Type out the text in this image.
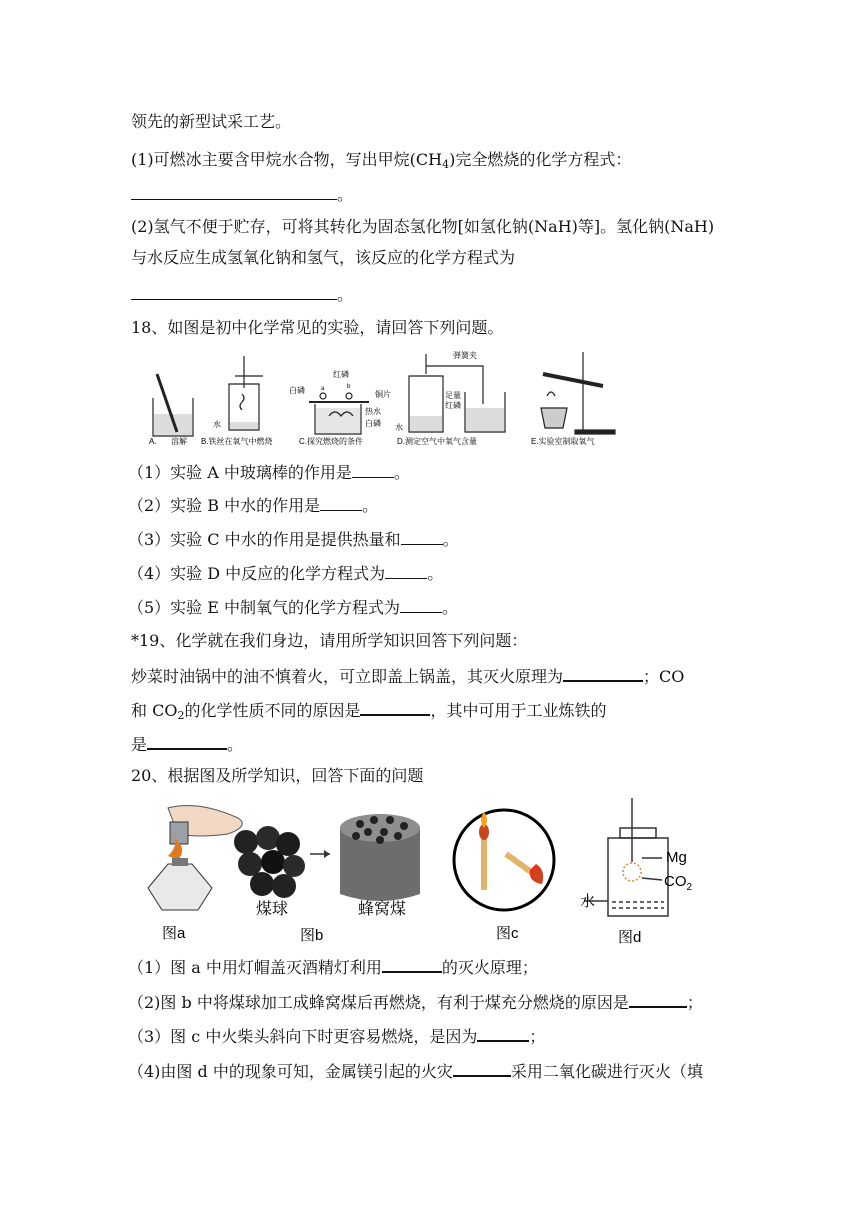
领先的新型试采工艺。
(1)可燃冰主要含甲烷水合物，写出甲烷$(CH_4)$完全燃烧的化学方程式：
。
(2)氢气不便于贮存，可将其转化为固态氢化物[如氢化钠(NaH)等]。氢化钠(NaH)
与水反应生成氢氧化钠和氢气，该反应的化学方程式为
。
18、如图是初中化学常见的实验，请回答下列问题。
A. 溶解
水
B.铁丝在氧气中燃烧
白磷
红磷
a	b
铜片
热水
白磷
C.探究燃烧的条件
弹簧夹
足量
红磷
水
D.测定空气中氧气含量	E.实验室制取氧气
（1）实验 A 中玻璃棒的作用是	。
（2）实验 B 中水的作用是	。
（3）实验 C 中水的作用是提供热量和	。
（4）实验 D 中反应的化学方程式为	。
（5）实验 E 中制氧气的化学方程式为	。
*19、化学就在我们身边，请用所学知识回答下列问题：
炒菜时油锅中的油不慎着火，可立即盖上锅盖，其灭火原理为	；CO
和 $CO_2$的化学性质不同的原因是	，其中可用于工业炼铁的
是	。
20、根据图及所学知识，回答下面的问题
煤球	蜂窝煤
Mg
$CO_2$
水
图a	图b	图c	图d
（1）图 a 中用灯帽盖灭酒精灯利用	的灭火原理；
（2)图 b 中将煤球加工成蜂窝煤后再燃烧，有利于煤充分燃烧的原因是	；
（3）图 c 中火柴头斜向下时更容易燃烧，是因为	；
（4)由图 d 中的现象可知，金属镁引起的火灾	采用二氧化碳进行灭火（填
